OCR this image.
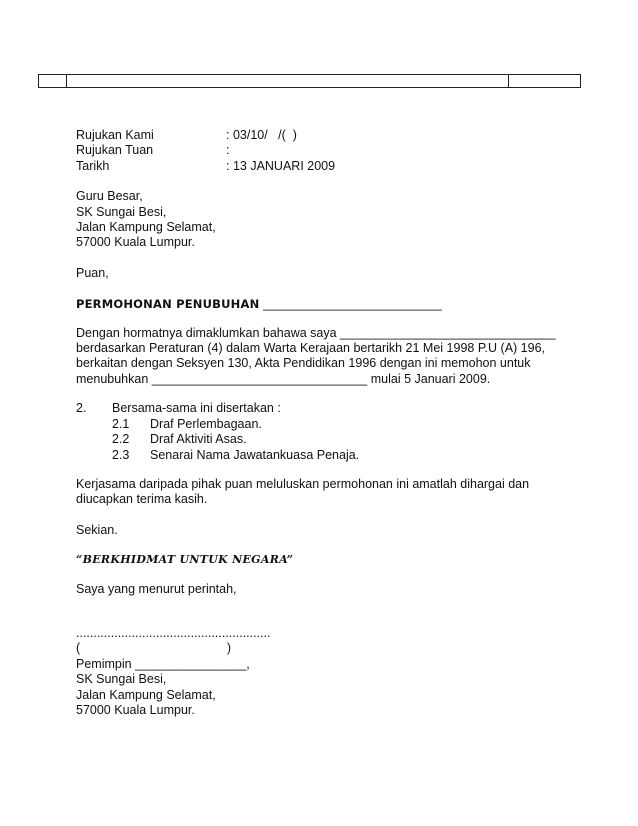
Rujukan Kami	: 03/10/   /(  )
Rujukan Tuan	:
Tarikh	: 13 JANUARI 2009
Guru Besar,
SK Sungai Besi,
Jalan Kampung Selamat,
57000 Kuala Lumpur.
Puan,
PERMOHONAN PENUBUHAN _________________________
Dengan hormatnya dimaklumkan bahawa saya _______________________________
berdasarkan Peraturan (4) dalam Warta Kerajaan bertarikh 21 Mei 1998 P.U (A) 196,
berkaitan dengan Seksyen 130, Akta Pendidikan 1996 dengan ini memohon untuk
menubuhkan _______________________________ mulai 5 Januari 2009.
2.	Bersama-sama ini disertakan :
2.1	Draf Perlembagaan.
2.2	Draf Aktiviti Asas.
2.3	Senarai Nama Jawatankuasa Penaja.
Kerjasama daripada pihak puan meluluskan permohonan ini amatlah dihargai dan
diucapkan terima kasih.
Sekian.
“BERKHIDMAT UNTUK NEGARA”
Saya yang menurut perintah,
........................................................
(	)
Pemimpin ________________,
SK Sungai Besi,
Jalan Kampung Selamat,
57000 Kuala Lumpur.
